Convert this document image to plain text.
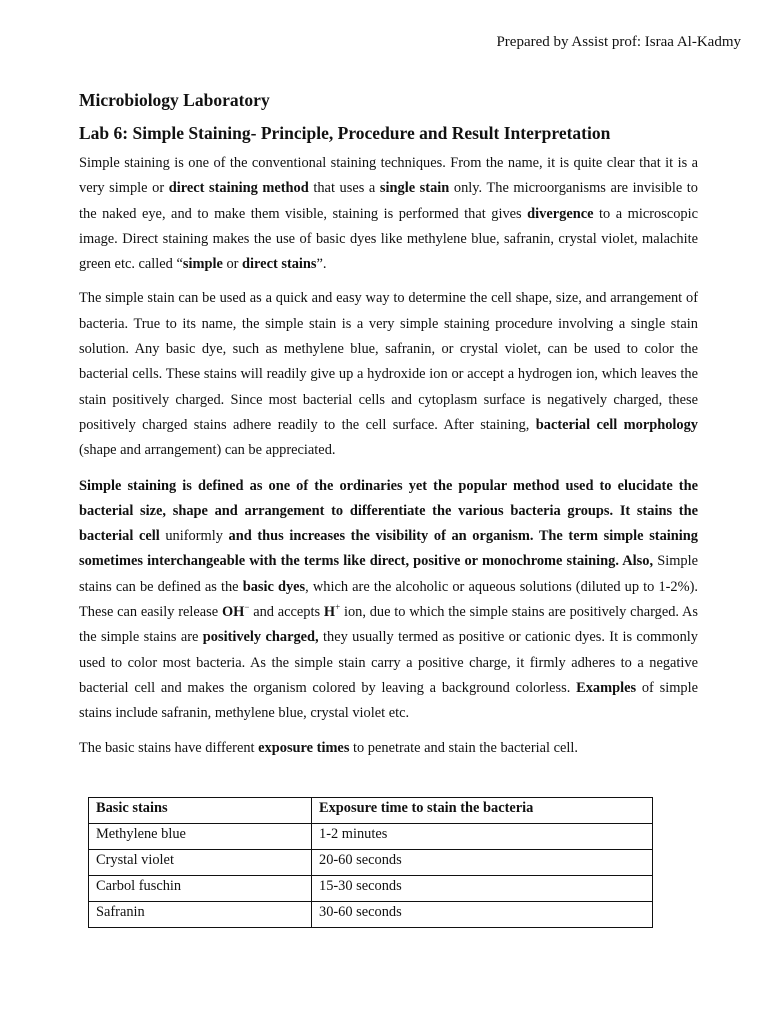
Prepared by Assist prof: Israa Al-Kadmy
Microbiology Laboratory
Lab 6: Simple Staining- Principle, Procedure and Result Interpretation

Simple staining is one of the conventional staining techniques. From the name, it is quite clear that it is a very simple or direct staining method that uses a single stain only. The microorganisms are invisible to the naked eye, and to make them visible, staining is performed that gives divergence to a microscopic image. Direct staining makes the use of basic dyes like methylene blue, safranin, crystal violet, malachite green etc. called “simple or direct stains”.

The simple stain can be used as a quick and easy way to determine the cell shape, size, and arrangement of bacteria. True to its name, the simple stain is a very simple staining procedure involving a single stain solution. Any basic dye, such as methylene blue, safranin, or crystal violet, can be used to color the bacterial cells. These stains will readily give up a hydroxide ion or accept a hydrogen ion, which leaves the stain positively charged. Since most bacterial cells and cytoplasm surface is negatively charged, these positively charged stains adhere readily to the cell surface. After staining, bacterial cell morphology (shape and arrangement) can be appreciated.

Simple staining is defined as one of the ordinaries yet the popular method used to elucidate the bacterial size, shape and arrangement to differentiate the various bacteria groups. It stains the bacterial cell uniformly and thus increases the visibility of an organism. The term simple staining sometimes interchangeable with the terms like direct, positive or monochrome staining. Also, Simple stains can be defined as the basic dyes, which are the alcoholic or aqueous solutions (diluted up to 1-2%). These can easily release OH− and accepts H+ ion, due to which the simple stains are positively charged. As the simple stains are positively charged, they usually termed as positive or cationic dyes. It is commonly used to color most bacteria. As the simple stain carry a positive charge, it firmly adheres to a negative bacterial cell and makes the organism colored by leaving a background colorless. Examples of simple stains include safranin, methylene blue, crystal violet etc.

The basic stains have different exposure times to penetrate and stain the bacterial cell.

Basic stains	Exposure time to stain the bacteria
Methylene blue	1-2 minutes
Crystal violet	20-60 seconds
Carbol fuschin	15-30 seconds
Safranin	30-60 seconds
